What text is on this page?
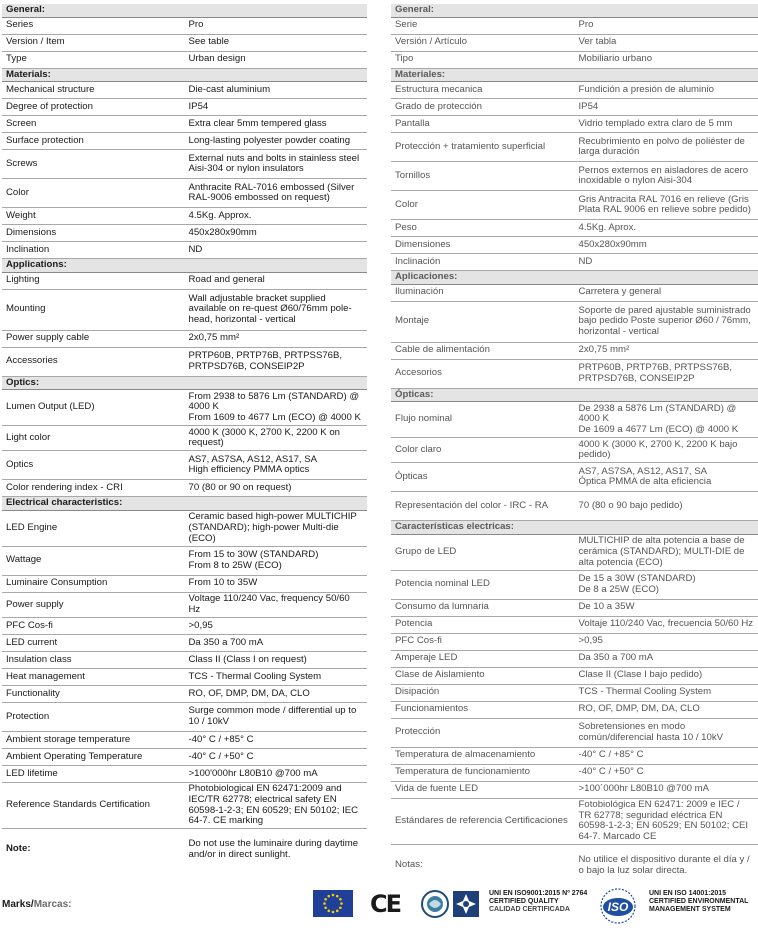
General:	
Series	Pro
Version / Item	See table
Type	Urban design
Materials:	
Mechanical structure	Die-cast aluminium
Degree of protection	IP54
Screen	Extra clear 5mm tempered glass
Surface protection	Long-lasting polyester powder coating
Screws	External nuts and bolts in stainless steel Aisi-304 or nylon insulators
Color	Anthracite RAL-7016 embossed (Silver RAL-9006 embossed on request)
Weight	4.5Kg. Approx.
Dimensions	450x280x90mm
Inclination	ND
Applications:	
Lighting	Road and general
Mounting	Wall adjustable bracket supplied available on re-quest Ø60/76mm pole-head, horizontal - vertical
Power supply cable	2x0,75 mm²
Accessories	PRTP60B, PRTP76B, PRTPSS76B, PRTPSD76B, CONSEIP2P
Optics:	
Lumen Output (LED)	From 2938 to 5876 Lm (STANDARD) @ 4000 K
From 1609 to 4677 Lm (ECO) @ 4000 K
Light color	4000 K (3000 K, 2700 K, 2200 K on request)
Optics	AS7, AS7SA, AS12, AS17, SA
High efficiency PMMA optics
Color rendering index - CRI	70 (80 or 90 on request)
Electrical characteristics:	
LED Engine	Ceramic based high-power MULTICHIP (STANDARD); high-power Multi-die (ECO)
Wattage	From 15 to 30W (STANDARD)
From 8 to 25W (ECO)
Luminaire Consumption	From 10 to 35W
Power supply	Voltage 110/240 Vac, frequency 50/60 Hz
PFC Cos-fi	>0,95
LED current	Da 350 a 700 mA
Insulation class	Class II (Class I on request)
Heat management	TCS - Thermal Cooling System
Functionality	RO, OF, DMP, DM, DA, CLO
Protection	Surge common mode / differential up to 10 / 10kV
Ambient storage temperature	-40° C / +85° C
Ambient Operating Temperature	-40° C / +50° C
LED lifetime	>100'000hr L80B10 @700 mA
Reference Standards Certification	Photobiological EN 62471:2009 and IEC/TR 62778; electrical safety EN 60598-1-2-3; EN 60529; EN 50102; IEC 64-7. CE marking
Note:	Do not use the luminaire during daytime and/or in direct sunlight.
General:	
Serie	Pro
Versión / Artículo	Ver tabla
Tipo	Mobiliario urbano
Materiales:	
Estructura mecanica	Fundición a presión de aluminio
Grado de protección	IP54
Pantalla	Vidrio templado extra claro de 5 mm
Protección + tratamiento superficial	Recubrimiento en polvo de poliéster de larga duración
Tornillos	Pernos externos en aisladores de acero inoxidable o nylon Aisi-304
Color	Gris Antracita RAL 7016 en relieve (Gris Plata RAL 9006 en relieve sobre pedido)
Peso	4.5Kg. Aprox.
Dimensiones	450x280x90mm
Inclinación	ND
Aplicaciones:	
Iluminación	Carretera y general
Montaje	Soporte de pared ajustable suministrado bajo pedido Poste superior Ø60 / 76mm, horizontal - vertical
Cable de alimentación	2x0,75 mm²
Accesorios	PRTP60B, PRTP76B, PRTPSS76B, PRTPSD76B, CONSEIP2P
Ópticas:	
Flujo nominal	De 2938 a 5876 Lm (STANDARD) @ 4000 K
De 1609 a 4677 Lm (ECO) @ 4000 K
Color claro	4000 K (3000 K, 2700 K, 2200 K bajo pedido)
Ópticas	AS7, AS7SA, AS12, AS17, SA
Óptica PMMA de alta eficiencia
Representación del color - IRC - RA	70 (80 o 90 bajo pedido)
Características electricas:	
Grupo de LED	MULTICHIP de alta potencia a base de cerámica (STANDARD); MULTI-DIE de alta potencia (ECO)
Potencia nominal LED	De 15 a 30W (STANDARD)
De 8 a 25W (ECO)
Consumo da lumnaria	De 10 a 35W
Potencia	Voltaje 110/240 Vac, frecuencia 50/60 Hz
PFC Cos-fi	>0,95
Amperaje LED	Da 350 a 700 mA
Clase de Aislamiento	Clase II (Clase I bajo pedido)
Disipación	TCS - Thermal Cooling System
Funcionamientos	RO, OF, DMP, DM, DA, CLO
Protección	Sobretensiones en modo común/diferencial hasta 10 / 10kV
Temperatura de almacenamiento	-40° C / +85° C
Temperatura de funcionamiento	-40° C / +50° C
Vida de fuente LED	>100´000hr L80B10 @700 mA
Estándares de referencia Certificaciones	Fotobiológica EN 62471: 2009 e IEC / TR 62778; seguridad eléctrica EN 60598-1-2-3; EN 60529; EN 50102; CEI 64-7. Marcado CE
Notas:	No utilice el dispositivo durante el día y / o bajo la luz solar directa.
Marks/Marcas:	CE	UNI EN ISO9001:2015 Nº 2764
CERTIFIED QUALITY
CALIDAD CERTIFICADA	ISO
UNI EN ISO 14001:2015
CERTIFIED ENVIRONMENTAL
MANAGEMENT SYSTEM
